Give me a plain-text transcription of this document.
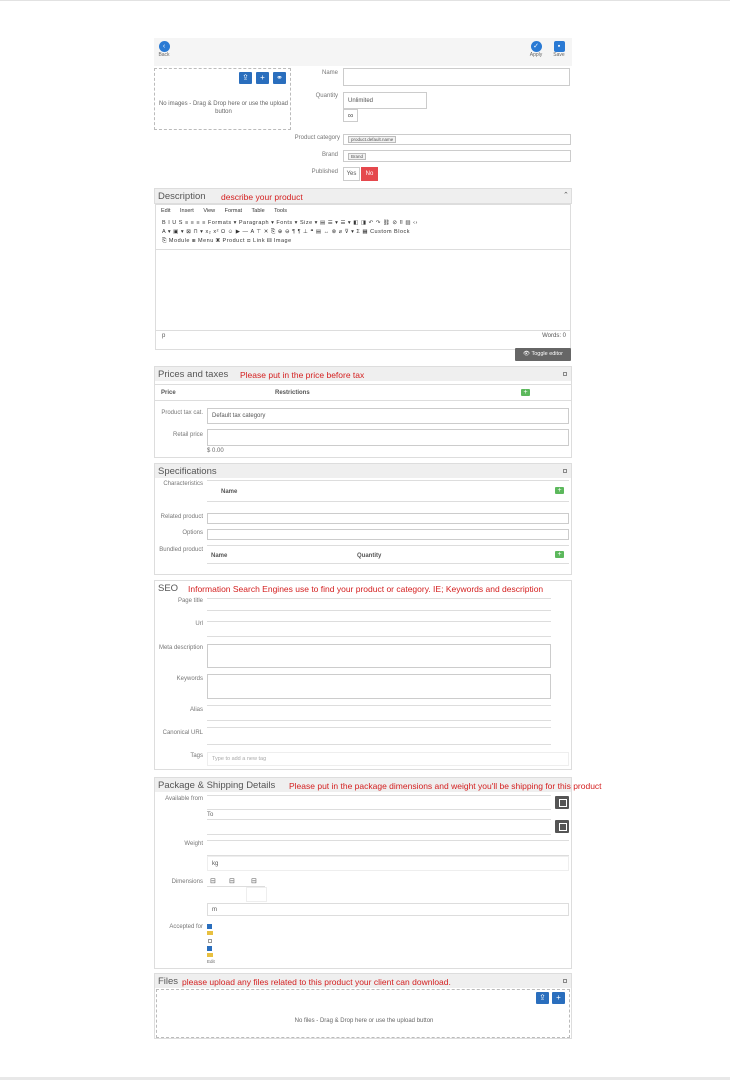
‹
Back
✓
Apply
▪
Save
⇪	+	⚭
No images - Drag & Drop here or use the upload
button
Name
Quantity
Unlimited
∞
Product category	product.default.name
Brand	Brand
Published	Yes	No
Description describe your product	⌃
Edit Insert View Format Table Tools
B I U S ≡ ≡ ≡ ≡ Formats ▾ Paragraph ▾ Fonts ▾ Size ▾ ▤ ☰ ▾ ☰ ▾ ◧ ◨ ↶ ↷ ⛓ ⊘ ⌷ ▨ ‹›
A ▾ ▣ ▾ ⊠ ⊓ ▾ x₂ x² Ω ☺ ▶ — A ⊤ ✕ ⎘ ⊕ ⊖ ¶ ¶ ⊥ ❝ ▤ ↔ ⊗ ⌀ ⊽ ▾ Σ ▦ Custom Block
⎘ Module ⊞ Menu ▣ Product ⊡ Link ▨ Image
p	Words: 0
👁 Toggle editor
Prices and taxes Please put in the price before tax
Price	Restrictions	+
Product tax cat.	Default tax category
Retail price
$ 0.00
Specifications
Characteristics
Name	+
Related product
Options
Bundled product
Name	Quantity	+
SEO Information Search Engines use to find your product or category. IE; Keywords and description
Page title
Url
Meta description
Keywords
Alias
Canonical URL
Tags	Type to add a new tag
Package & Shipping Details Please put in the package dimensions and weight you'll be shipping for this product
Available from
To
Weight
kg
Dimensions ⊟ ⊟ ⊟
m
Accepted for
Edit
Files please upload any files related to this product your client can download.
⇪	+
No files - Drag & Drop here or use the upload button
